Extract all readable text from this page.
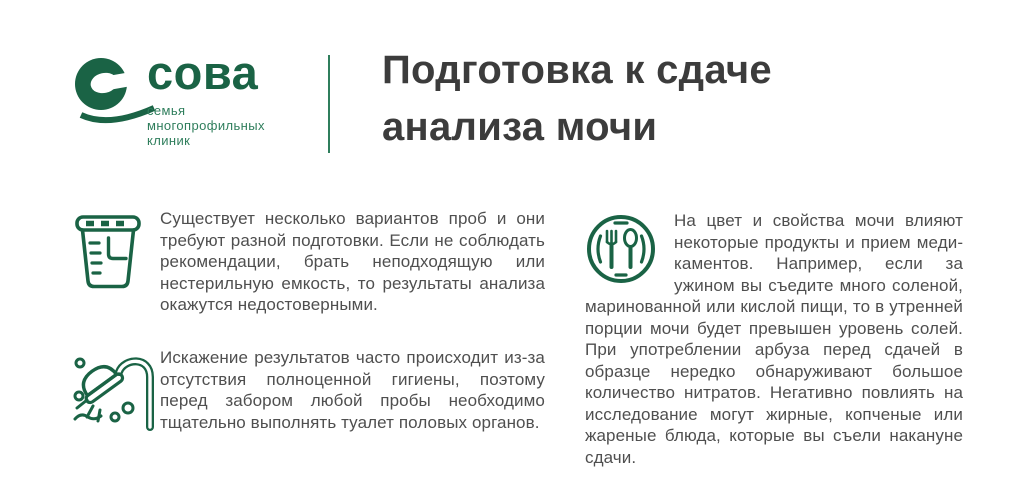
сова
семья
многопрофильных
клиник
Подготовка к сдаче
анализа мочи

Существует несколько вариантов проб и они требуют разной подготовки. Если не соблюдать рекомендации, брать неподходящую или нестерильную емкость, то результаты анализа окажутся недостоверными.

Искажение результатов часто происходит из-за отсутствия полноценной гигиены, поэтому перед забором любой пробы необходимо тщательно выполнять туалет половых органов.

На цвет и свойства мочи влияют некоторые продукты и прием медикаментов. Например, если за ужином вы съедите много соленой, маринованной или кислой пищи, то в утренней порции мочи будет превышен уровень солей. При употреблении арбуза перед сдачей в образце нередко обнаруживают большое количество нитратов. Негативно повлиять на исследование могут жирные, копченые или жареные блюда, которые вы съели накануне сдачи.
